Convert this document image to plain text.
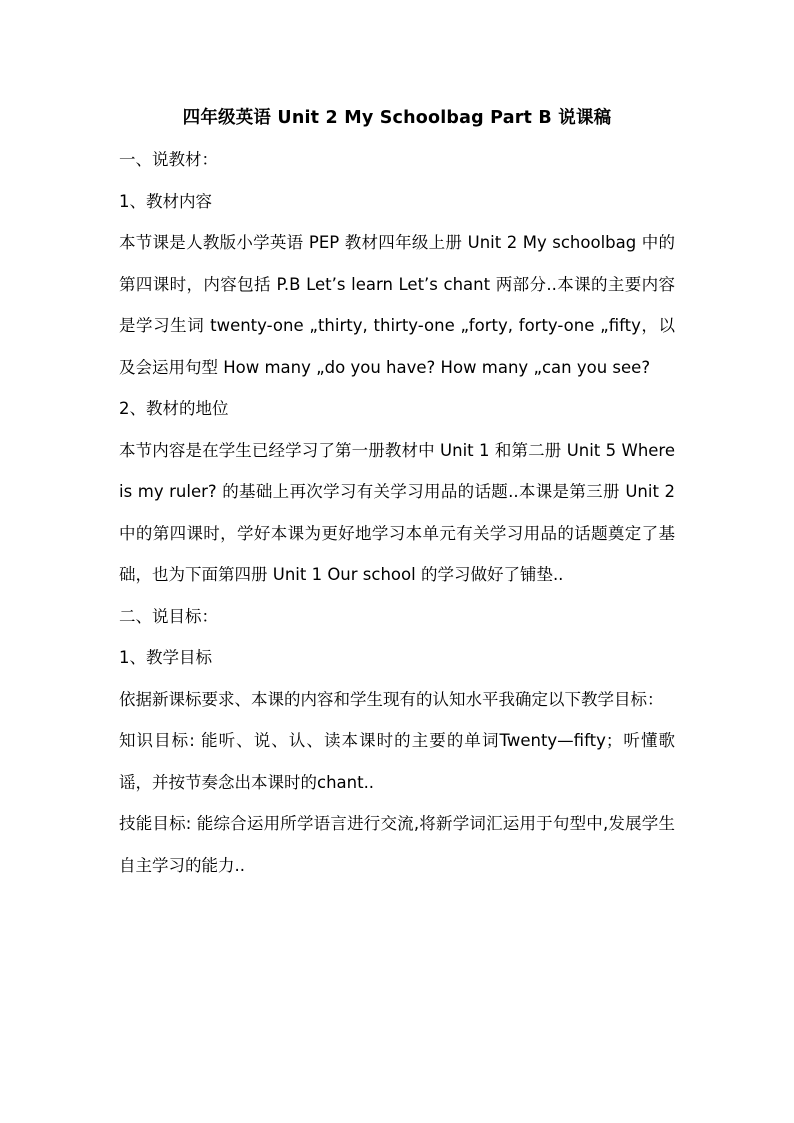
四年级英语 Unit 2 My Schoolbag Part B 说课稿

一、说教材：

1、教材内容

本节课是人教版小学英语 PEP 教材四年级上册 Unit 2 My schoolbag 中的第四课时，内容包括 P.B Let’s learn Let’s chant 两部分..本课的主要内容是学习生词 twenty-one „thirty, thirty-one „forty, forty-one „fifty，以及会运用句型 How many „do you have? How many „can you see?

2、教材的地位

本节内容是在学生已经学习了第一册教材中 Unit 1 和第二册 Unit 5 Where is my ruler? 的基础上再次学习有关学习用品的话题..本课是第三册 Unit 2 中的第四课时，学好本课为更好地学习本单元有关学习用品的话题奠定了基础，也为下面第四册 Unit 1 Our school 的学习做好了铺垫..

二、说目标：

1、教学目标

依据新课标要求、本课的内容和学生现有的认知水平我确定以下教学目标：

知识目标: 能听、说、认、读本课时的主要的单词Twenty—fifty；听懂歌谣，并按节奏念出本课时的chant..

技能目标: 能综合运用所学语言进行交流,将新学词汇运用于句型中,发展学生自主学习的能力..
